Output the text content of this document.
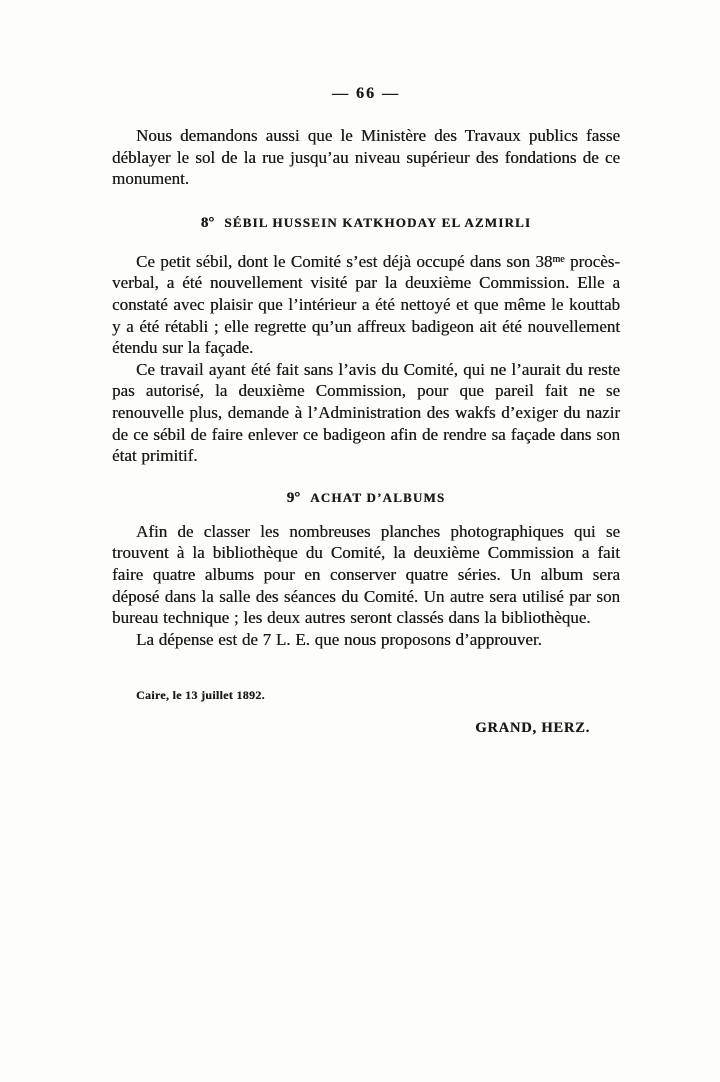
— 66 —

Nous demandons aussi que le Ministère des Travaux publics fasse déblayer le sol de la rue jusqu’au niveau supérieur des fondations de ce monument.

8° SÉBIL HUSSEIN KATKHODAY EL AZMIRLI

Ce petit sébil, dont le Comité s’est déjà occupé dans son $38^{me}$ procès-verbal, a été nouvellement visité par la deuxième Commission. Elle a constaté avec plaisir que l’intérieur a été nettoyé et que même le kouttab y a été rétabli ; elle regrette qu’un affreux badigeon ait été nouvellement étendu sur la façade.

Ce travail ayant été fait sans l’avis du Comité, qui ne l’aurait du reste pas autorisé, la deuxième Commission, pour que pareil fait ne se renouvelle plus, demande à l’Administration des wakfs d’exiger du nazir de ce sébil de faire enlever ce badigeon afin de rendre sa façade dans son état primitif.

9° ACHAT D’ALBUMS

Afin de classer les nombreuses planches photographiques qui se trouvent à la bibliothèque du Comité, la deuxième Commission a fait faire quatre albums pour en conserver quatre séries. Un album sera déposé dans la salle des séances du Comité. Un autre sera utilisé par son bureau technique ; les deux autres seront classés dans la bibliothèque.

La dépense est de 7 L. E. que nous proposons d’approuver.

Caire, le 13 juillet 1892.

GRAND, HERZ.
